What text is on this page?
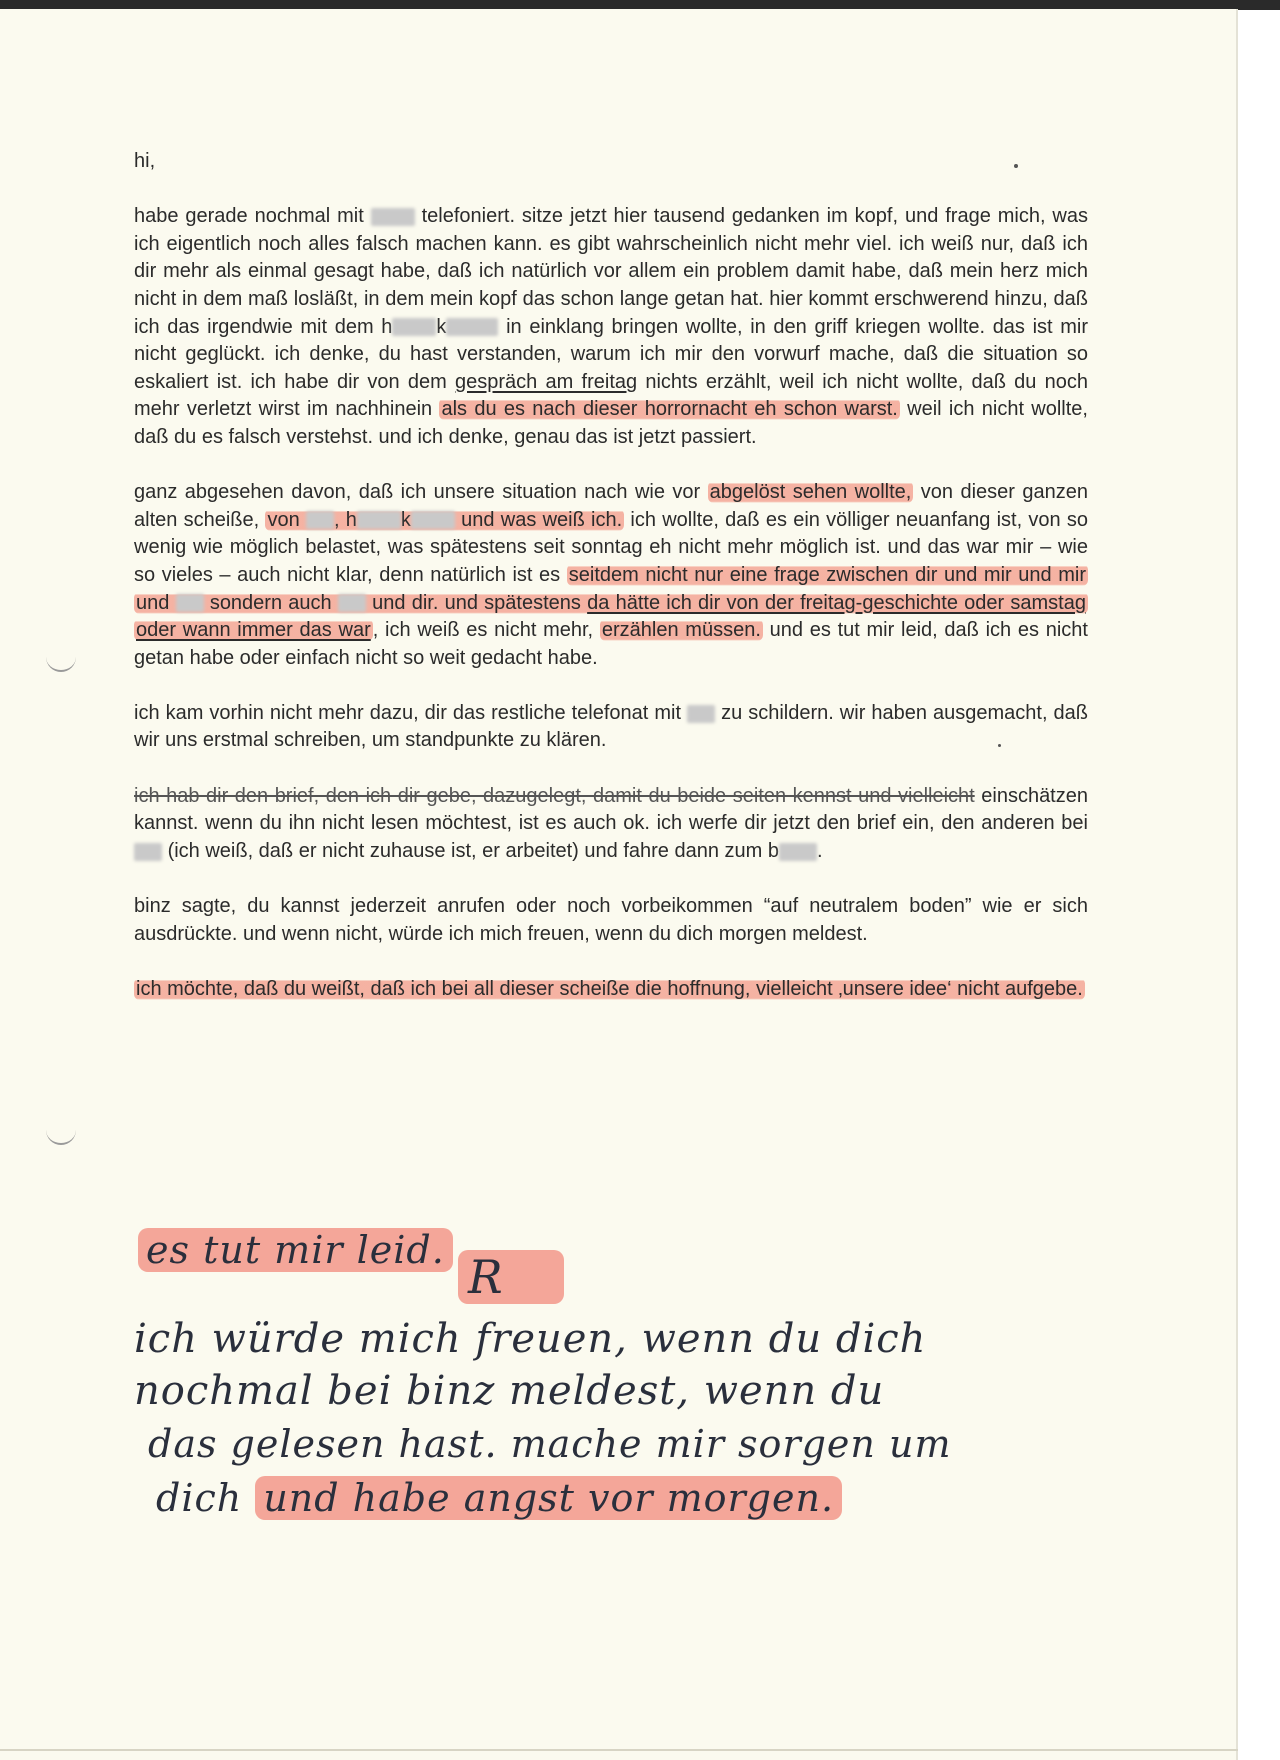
hi,

habe gerade nochmal mit	telefoniert. sitze jetzt hier tausend gedanken im kopf, und frage mich, was ich eigentlich noch alles falsch machen kann. es gibt wahrscheinlich nicht mehr viel. ich weiß nur, daß ich dir mehr als einmal gesagt habe, daß ich natürlich vor allem ein problem damit habe, daß mein herz mich nicht in dem maß losläßt, in dem mein kopf das schon lange getan hat. hier kommt erschwerend hinzu, daß ich das irgendwie mit dem h k	in einklang bringen wollte, in den griff kriegen wollte. das ist mir nicht geglückt. ich denke, du hast verstanden, warum ich mir den vorwurf mache, daß die situation so eskaliert ist. ich habe dir von dem gespräch am freitag nichts erzählt, weil ich nicht wollte, daß du noch mehr verletzt wirst im nachhinein als du es nach dieser horrornacht eh schon warst. weil ich nicht wollte, daß du es falsch verstehst. und ich denke, genau das ist jetzt passiert.

ganz abgesehen davon, daß ich unsere situation nach wie vor abgelöst sehen wollte, von dieser ganzen alten scheiße, von , h k	und was weiß ich. ich wollte, daß es ein völliger neuanfang ist, von so wenig wie möglich belastet, was spätestens seit sonntag eh nicht mehr möglich ist. und das war mir – wie so vieles – auch nicht klar, denn natürlich ist es seitdem nicht nur eine frage zwischen dir und mir und mir und sondern auch und dir. und spätestens da hätte ich dir von der freitag-geschichte oder samstag oder wann immer das war , ich weiß es nicht mehr, erzählen müssen. und es tut mir leid, daß ich es nicht getan habe oder einfach nicht so weit gedacht habe.

ich kam vorhin nicht mehr dazu, dir das restliche telefonat mit zu schildern. wir haben ausgemacht, daß wir uns erstmal schreiben, um standpunkte zu klären.

ich hab dir den brief, den ich dir gebe, dazugelegt, damit du beide seiten kennst und vielleicht einschätzen kannst. wenn du ihn nicht lesen möchtest, ist es auch ok. ich werfe dir jetzt den brief ein, den anderen bei  (ich weiß, daß er nicht zuhause ist, er arbeitet) und fahre dann zum b .

binz sagte, du kannst jederzeit anrufen oder noch vorbeikommen “auf neutralem boden” wie er sich ausdrückte. und wenn nicht, würde ich mich freuen, wenn du dich morgen meldest.

ich möchte, daß du weißt, daß ich bei all dieser scheiße die hoffnung, vielleicht ‚unsere idee‘ nicht aufgebe.

es tut mir leid. R
ich würde mich freuen, wenn du dich
nochmal bei binz meldest, wenn du
das gelesen hast. mache mir sorgen um
dich und habe angst vor morgen.
